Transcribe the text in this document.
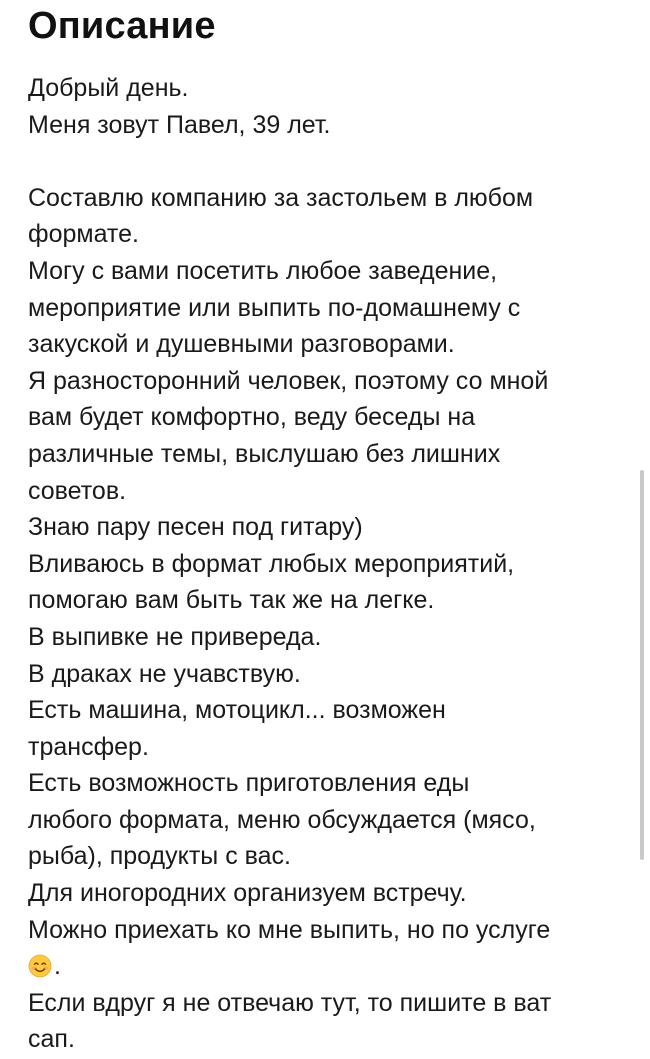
Описание
Добрый день.
Меня зовут Павел, 39 лет.
Составлю компанию за застольем в любом
формате.
Могу с вами посетить любое заведение,
мероприятие или выпить по-домашнему с
закуской и душевными разговорами.
Я разносторонний человек, поэтому со мной
вам будет комфортно, веду беседы на
различные темы, выслушаю без лишних
советов.
Знаю пару песен под гитару)
Вливаюсь в формат любых мероприятий,
помогаю вам быть так же на легке.
В выпивке не привереда.
В драках не учавствую.
Есть машина, мотоцикл... возможен
трансфер.
Есть возможность приготовления еды
любого формата, меню обсуждается (мясо,
рыба), продукты с вас.
Для иногородних организуем встречу.
Можно приехать ко мне выпить, но по услуге
.
Если вдруг я не отвечаю тут, то пишите в ват
сап.
